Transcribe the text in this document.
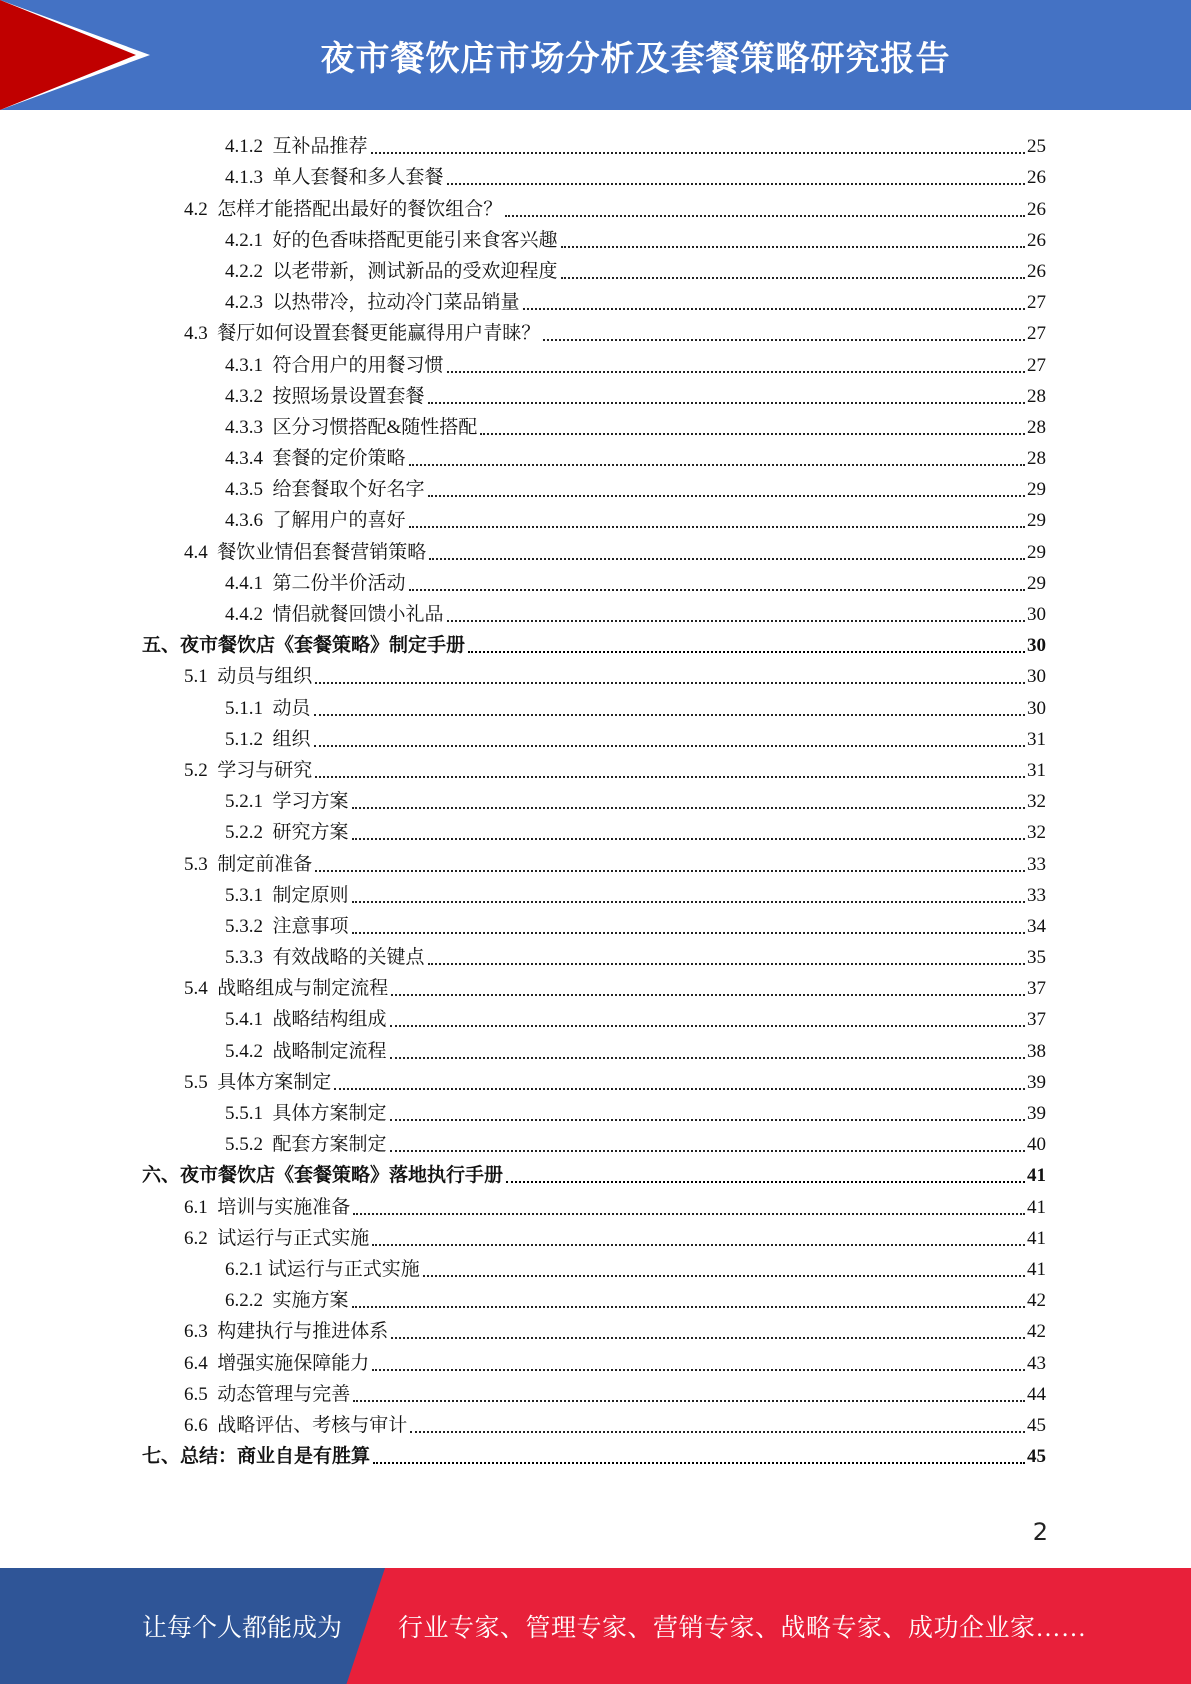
夜市餐饮店市场分析及套餐策略研究报告
4.1.2 互补品推荐	25
4.1.3 单人套餐和多人套餐	26
4.2 怎样才能搭配出最好的餐饮组合？	26
4.2.1 好的色香味搭配更能引来食客兴趣	26
4.2.2 以老带新，测试新品的受欢迎程度	26
4.2.3 以热带冷，拉动冷门菜品销量	27
4.3 餐厅如何设置套餐更能赢得用户青睐？	27
4.3.1 符合用户的用餐习惯	27
4.3.2 按照场景设置套餐	28
4.3.3 区分习惯搭配&随性搭配	28
4.3.4 套餐的定价策略	28
4.3.5 给套餐取个好名字	29
4.3.6 了解用户的喜好	29
4.4 餐饮业情侣套餐营销策略	29
4.4.1 第二份半价活动	29
4.4.2 情侣就餐回馈小礼品	30
五、夜市餐饮店《套餐策略》制定手册	30
5.1 动员与组织	30
5.1.1 动员	30
5.1.2 组织	31
5.2 学习与研究	31
5.2.1 学习方案	32
5.2.2 研究方案	32
5.3 制定前准备	33
5.3.1 制定原则	33
5.3.2 注意事项	34
5.3.3 有效战略的关键点	35
5.4 战略组成与制定流程	37
5.4.1 战略结构组成	37
5.4.2 战略制定流程	38
5.5 具体方案制定	39
5.5.1 具体方案制定	39
5.5.2 配套方案制定	40
六、夜市餐饮店《套餐策略》落地执行手册	41
6.1 培训与实施准备	41
6.2 试运行与正式实施	41
6.2.1 试运行与正式实施	41
6.2.2 实施方案	42
6.3 构建执行与推进体系	42
6.4 增强实施保障能力	43
6.5 动态管理与完善	44
6.6 战略评估、考核与审计	45
七、总结：商业自是有胜算	45
2
让每个人都能成为 行业专家、管理专家、营销专家、战略专家、成功企业家……
